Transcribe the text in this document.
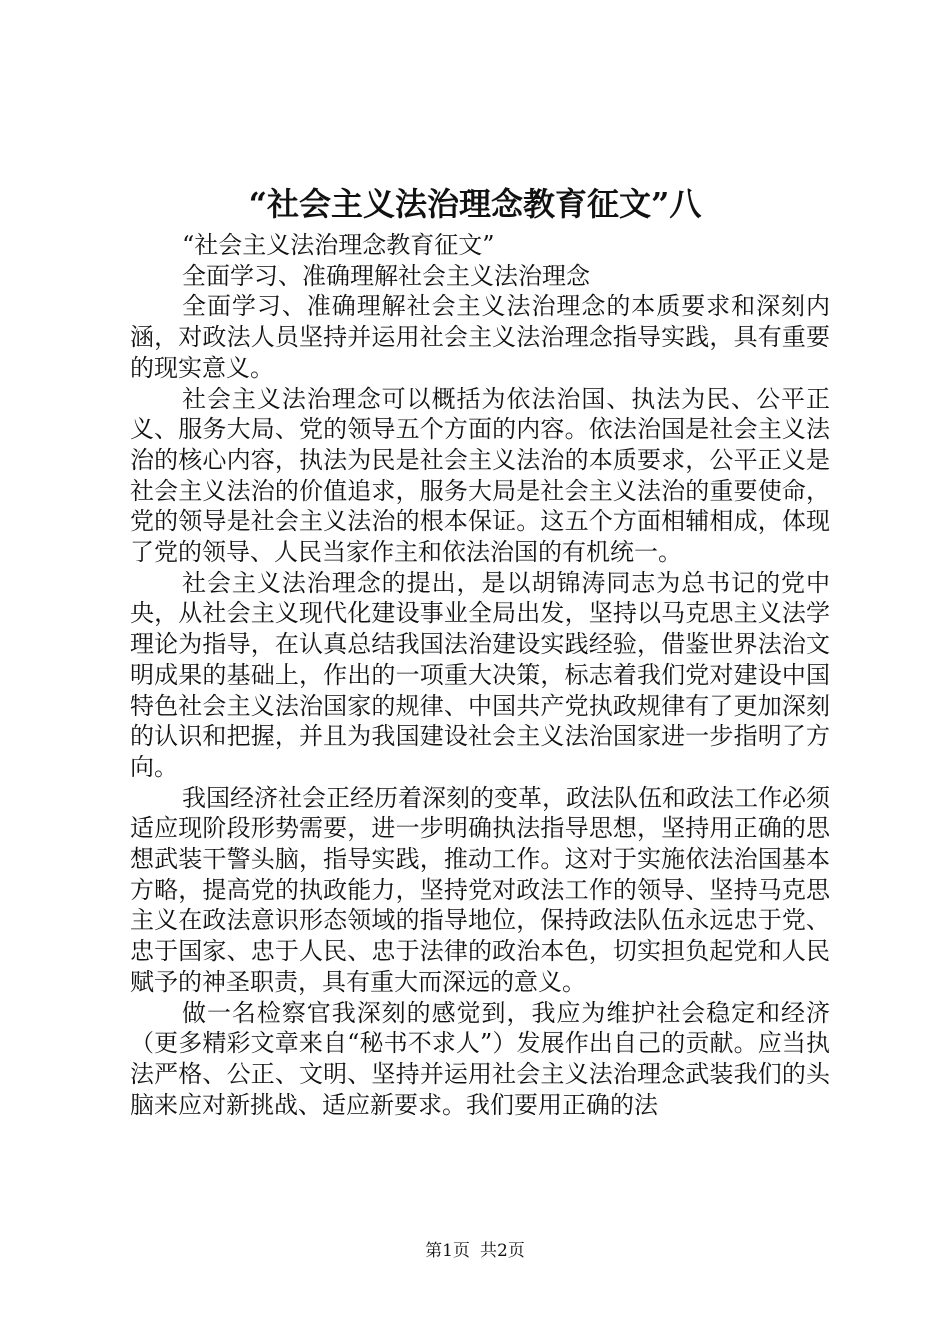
“社会主义法治理念教育征文”八

“社会主义法治理念教育征文”

全面学习、准确理解社会主义法治理念

全面学习、准确理解社会主义法治理念的本质要求和深刻内涵，对政法人员坚持并运用社会主义法治理念指导实践，具有重要的现实意义。

社会主义法治理念可以概括为依法治国、执法为民、公平正义、服务大局、党的领导五个方面的内容。依法治国是社会主义法治的核心内容，执法为民是社会主义法治的本质要求，公平正义是社会主义法治的价值追求，服务大局是社会主义法治的重要使命，党的领导是社会主义法治的根本保证。这五个方面相辅相成，体现了党的领导、人民当家作主和依法治国的有机统一。

社会主义法治理念的提出，是以胡锦涛同志为总书记的党中央，从社会主义现代化建设事业全局出发，坚持以马克思主义法学理论为指导，在认真总结我国法治建设实践经验，借鉴世界法治文明成果的基础上，作出的一项重大决策，标志着我们党对建设中国特色社会主义法治国家的规律、中国共产党执政规律有了更加深刻的认识和把握，并且为我国建设社会主义法治国家进一步指明了方向。

我国经济社会正经历着深刻的变革，政法队伍和政法工作必须适应现阶段形势需要，进一步明确执法指导思想，坚持用正确的思想武装干警头脑，指导实践，推动工作。这对于实施依法治国基本方略，提高党的执政能力，坚持党对政法工作的领导、坚持马克思主义在政法意识形态领域的指导地位，保持政法队伍永远忠于党、忠于国家、忠于人民、忠于法律的政治本色，切实担负起党和人民赋予的神圣职责，具有重大而深远的意义。

做一名检察官我深刻的感觉到，我应为维护社会稳定和经济（更多精彩文章来自“秘书不求人”）发展作出自己的贡献。应当执法严格、公正、文明、坚持并运用社会主义法治理念武装我们的头脑来应对新挑战、适应新要求。我们要用正确的法

第1页 共2页
